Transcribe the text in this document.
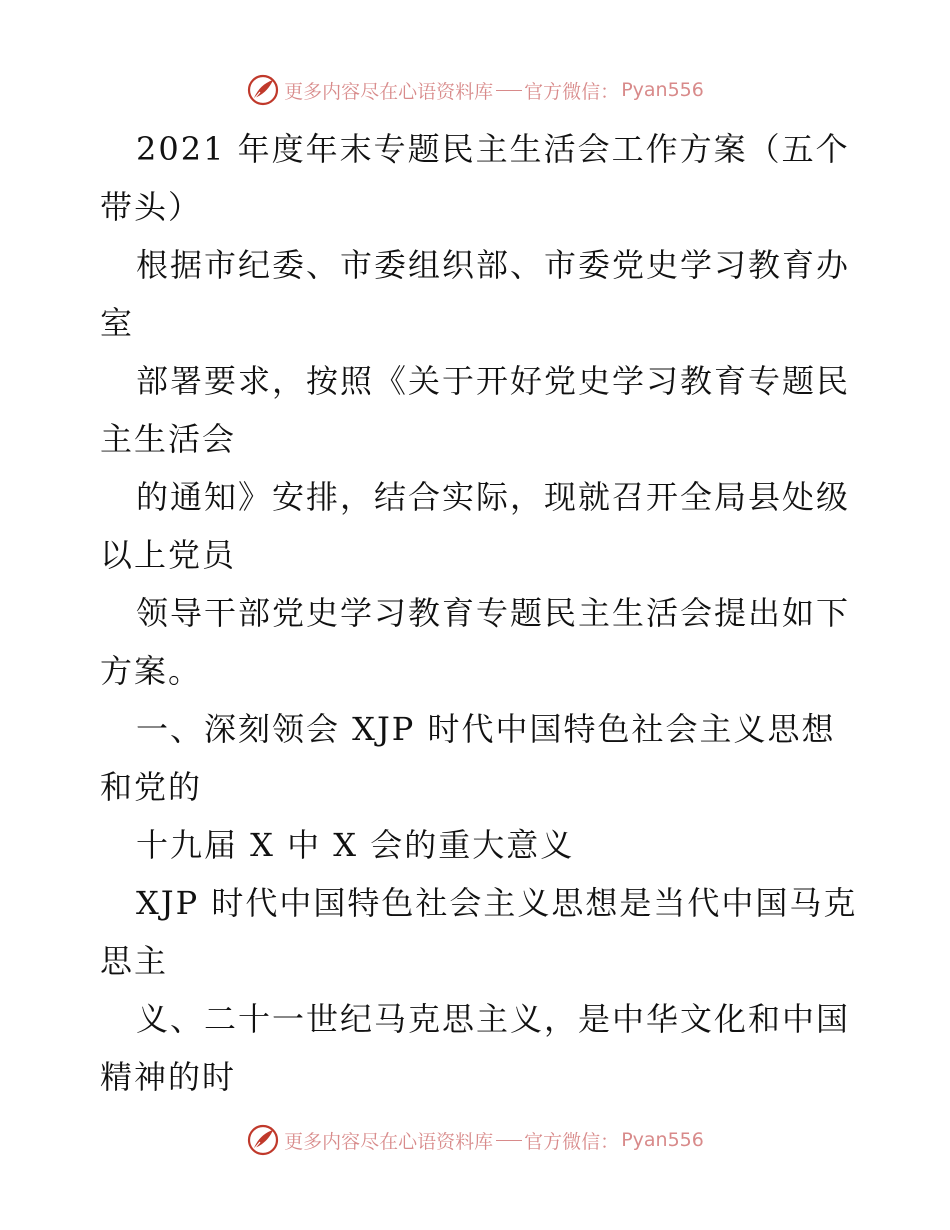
更多内容尽在心语资料库 官方微信： Pyan556
2021 年度年末专题民主生活会工作方案（五个
带头）
根据市纪委、市委组织部、市委党史学习教育办
室
部署要求，按照《关于开好党史学习教育专题民
主生活会
的通知》安排，结合实际，现就召开全局县处级
以上党员
领导干部党史学习教育专题民主生活会提出如下
方案。
一、深刻领会 XJP 时代中国特色社会主义思想
和党的
十九届 X 中 X 会的重大意义
XJP 时代中国特色社会主义思想是当代中国马克
思主
义、二十一世纪马克思主义，是中华文化和中国
精神的时
更多内容尽在心语资料库 官方微信： Pyan556
